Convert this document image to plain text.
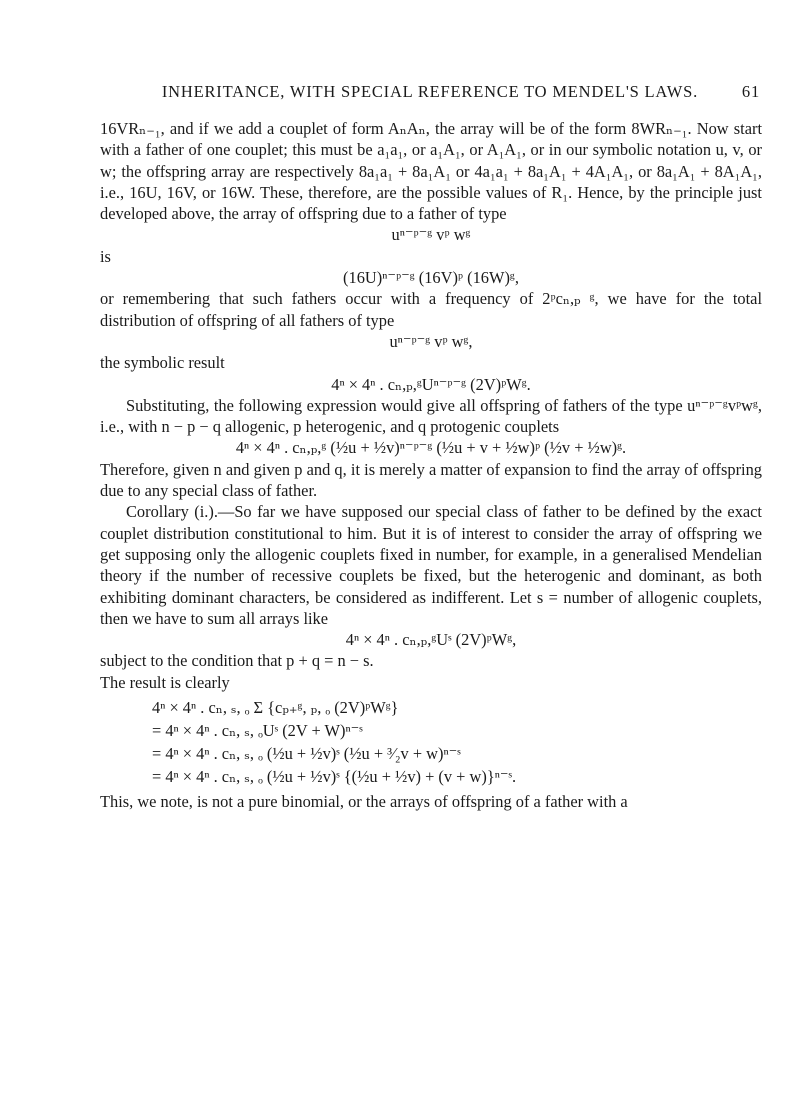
INHERITANCE, WITH SPECIAL REFERENCE TO MENDEL'S LAWS.	61

16VRₙ₋₁, and if we add a couplet of form AₙAₙ, the array will be of the form 8WRₙ₋₁. Now start with a father of one couplet; this must be a₁a₁, or a₁A₁, or A₁A₁, or in our symbolic notation u, v, or w; the offspring array are respectively 8a₁a₁ + 8a₁A₁ or 4a₁a₁ + 8a₁A₁ + 4A₁A₁, or 8a₁A₁ + 8A₁A₁, i.e., 16U, 16V, or 16W. These, therefore, are the possible values of R₁. Hence, by the principle just developed above, the array of offspring due to a father of type

uⁿ⁻ᵖ⁻ᵍ vᵖ wᵍ

is

(16U)ⁿ⁻ᵖ⁻ᵍ (16V)ᵖ (16W)ᵍ,

or remembering that such fathers occur with a frequency of 2ᵖcₙ,ₚ ᵍ, we have for the total distribution of offspring of all fathers of type

uⁿ⁻ᵖ⁻ᵍ vᵖ wᵍ,

the symbolic result

4ⁿ × 4ⁿ . cₙ,ₚ,ᵍUⁿ⁻ᵖ⁻ᵍ (2V)ᵖWᵍ.

Substituting, the following expression would give all offspring of fathers of the type uⁿ⁻ᵖ⁻ᵍvᵖwᵍ, i.e., with n − p − q allogenic, p heterogenic, and q protogenic couplets

4ⁿ × 4ⁿ . cₙ,ₚ,ᵍ (½u + ½v)ⁿ⁻ᵖ⁻ᵍ (½u + v + ½w)ᵖ (½v + ½w)ᵍ.

Therefore, given n and given p and q, it is merely a matter of expansion to find the array of offspring due to any special class of father.

Corollary (i.).—So far we have supposed our special class of father to be defined by the exact couplet distribution constitutional to him. But it is of interest to consider the array of offspring we get supposing only the allogenic couplets fixed in number, for example, in a generalised Mendelian theory if the number of recessive couplets be fixed, but the heterogenic and dominant, as both exhibiting dominant characters, be considered as indifferent. Let s = number of allogenic couplets, then we have to sum all arrays like

4ⁿ × 4ⁿ . cₙ,ₚ,ᵍUˢ (2V)ᵖWᵍ,

subject to the condition that p + q = n − s.

The result is clearly

4ⁿ × 4ⁿ . cₙ, ₛ, ₒ Σ {cₚ₊ᵍ, ₚ, ₒ (2V)ᵖWᵍ}
= 4ⁿ × 4ⁿ . cₙ, ₛ, ₒUˢ (2V + W)ⁿ⁻ˢ
= 4ⁿ × 4ⁿ . cₙ, ₛ, ₒ (½u + ½v)ˢ (½u + ³⁄₂v + w)ⁿ⁻ˢ
= 4ⁿ × 4ⁿ . cₙ, ₛ, ₒ (½u + ½v)ˢ {(½u + ½v) + (v + w)}ⁿ⁻ˢ.

This, we note, is not a pure binomial, or the arrays of offspring of a father with a
